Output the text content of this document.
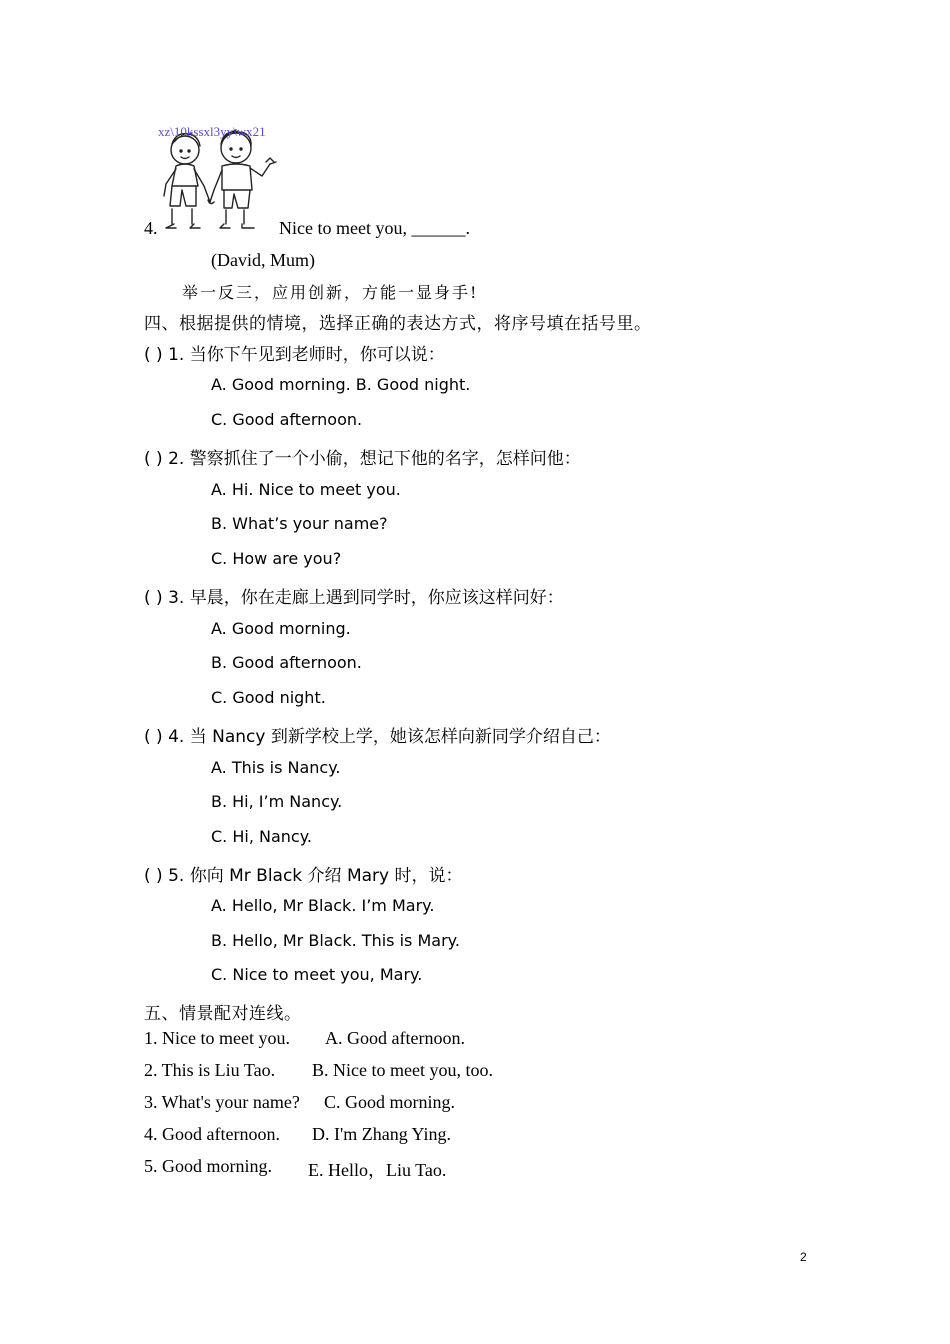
xz\10kssxl3yy\wx21
4.	Nice to meet you, ______.
(David, Mum)
举一反三，应用创新，方能一显身手!
四、根据提供的情境，选择正确的表达方式，将序号填在括号里。
( ) 1. 当你下午见到老师时，你可以说：
A. Good morning. B. Good night.
C. Good afternoon.
( ) 2. 警察抓住了一个小偷，想记下他的名字，怎样问他：
A. Hi. Nice to meet you.
B. What’s your name?
C. How are you?
( ) 3. 早晨，你在走廊上遇到同学时，你应该这样问好：
A. Good morning.
B. Good afternoon.
C. Good night.
( ) 4. 当 Nancy 到新学校上学，她该怎样向新同学介绍自己：
A. This is Nancy.
B. Hi, I’m Nancy.
C. Hi, Nancy.
( ) 5. 你向 Mr Black 介绍 Mary 时，说：
A. Hello, Mr Black. I’m Mary.
B. Hello, Mr Black. This is Mary.
C. Nice to meet you, Mary.
五、情景配对连线。
1. Nice to meet you. A. Good afternoon.
2. This is Liu Tao. B. Nice to meet you, too.
3. What's your name? C. Good morning.
4. Good afternoon. D. I'm Zhang Ying.
5. Good morning. E. Hello，Liu Tao.
2
